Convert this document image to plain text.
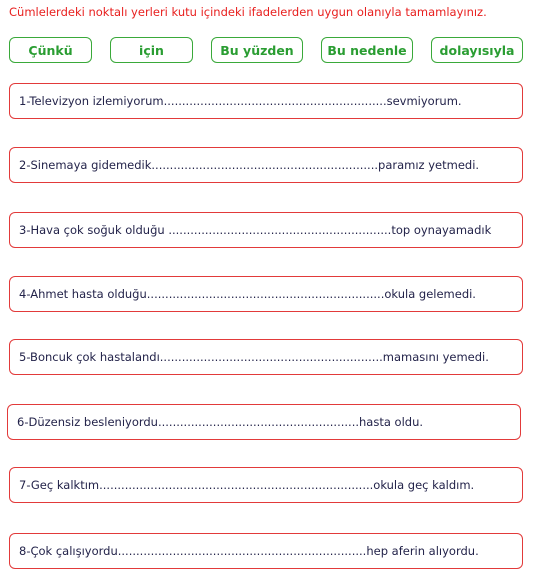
Cümlelerdeki noktalı yerleri kutu içindeki ifadelerden uygun olanıyla tamamlayınız.
Çünkü	için	Bu yüzden	Bu nedenle	dolayısıyla
1-Televizyon izlemiyorum.............................................................sevmiyorum.
2-Sinemaya gidemedik..............................................................paramız yetmedi.
3-Hava çok soğuk olduğu .............................................................top oynayamadık
4-Ahmet hasta olduğu.................................................................okula gelemedi.
5-Boncuk çok hastalandı.............................................................mamasını yemedi.
6-Düzensiz besleniyordu.......................................................hasta oldu.
7-Geç kalktım...........................................................................okula geç kaldım.
8-Çok çalışıyordu....................................................................hep aferin alıyordu.
